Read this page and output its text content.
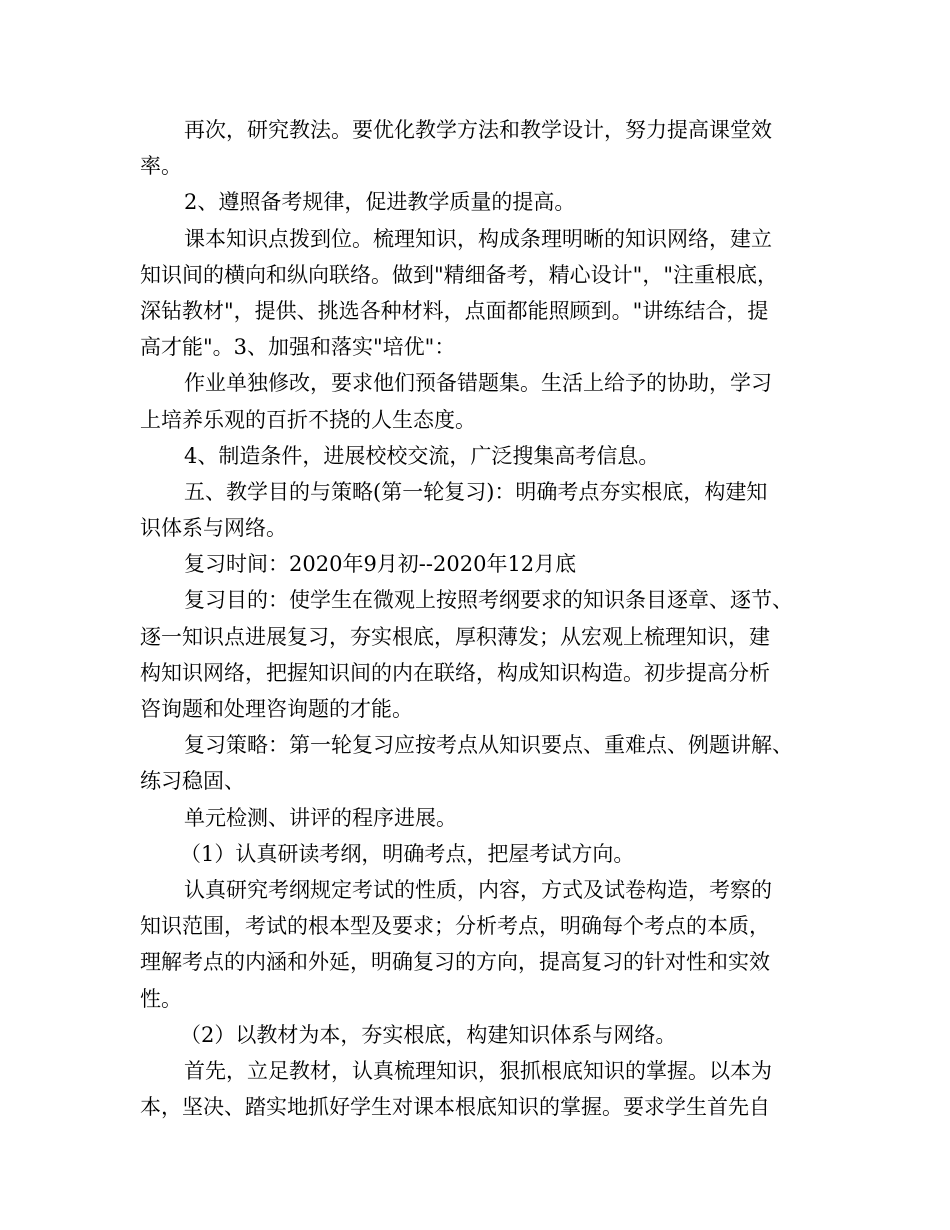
再次，研究教法。要优化教学方法和教学设计，努力提高课堂效
率。
2、遵照备考规律，促进教学质量的提高。
课本知识点拨到位。梳理知识，构成条理明晰的知识网络，建立
知识间的横向和纵向联络。做到"精细备考，精心设计"，"注重根底，
深钻教材"，提供、挑选各种材料，点面都能照顾到。"讲练结合，提
高才能"。3、加强和落实"培优"：
作业单独修改，要求他们预备错题集。生活上给予的协助，学习
上培养乐观的百折不挠的人生态度。
4、制造条件，进展校校交流，广泛搜集高考信息。
五、教学目的与策略(第一轮复习)：明确考点夯实根底，构建知
识体系与网络。
复习时间：2020年9月初--2020年12月底
复习目的：使学生在微观上按照考纲要求的知识条目逐章、逐节、
逐一知识点进展复习，夯实根底，厚积薄发；从宏观上梳理知识，建
构知识网络，把握知识间的内在联络，构成知识构造。初步提高分析
咨询题和处理咨询题的才能。
复习策略：第一轮复习应按考点从知识要点、重难点、例题讲解、
练习稳固、
单元检测、讲评的程序进展。
（1）认真研读考纲，明确考点，把屋考试方向。
认真研究考纲规定考试的性质，内容，方式及试卷构造，考察的
知识范围，考试的根本型及要求；分析考点，明确每个考点的本质，
理解考点的内涵和外延，明确复习的方向，提高复习的针对性和实效
性。
（2）以教材为本，夯实根底，构建知识体系与网络。
首先，立足教材，认真梳理知识，狠抓根底知识的掌握。以本为
本，坚决、踏实地抓好学生对课本根底知识的掌握。要求学生首先自
